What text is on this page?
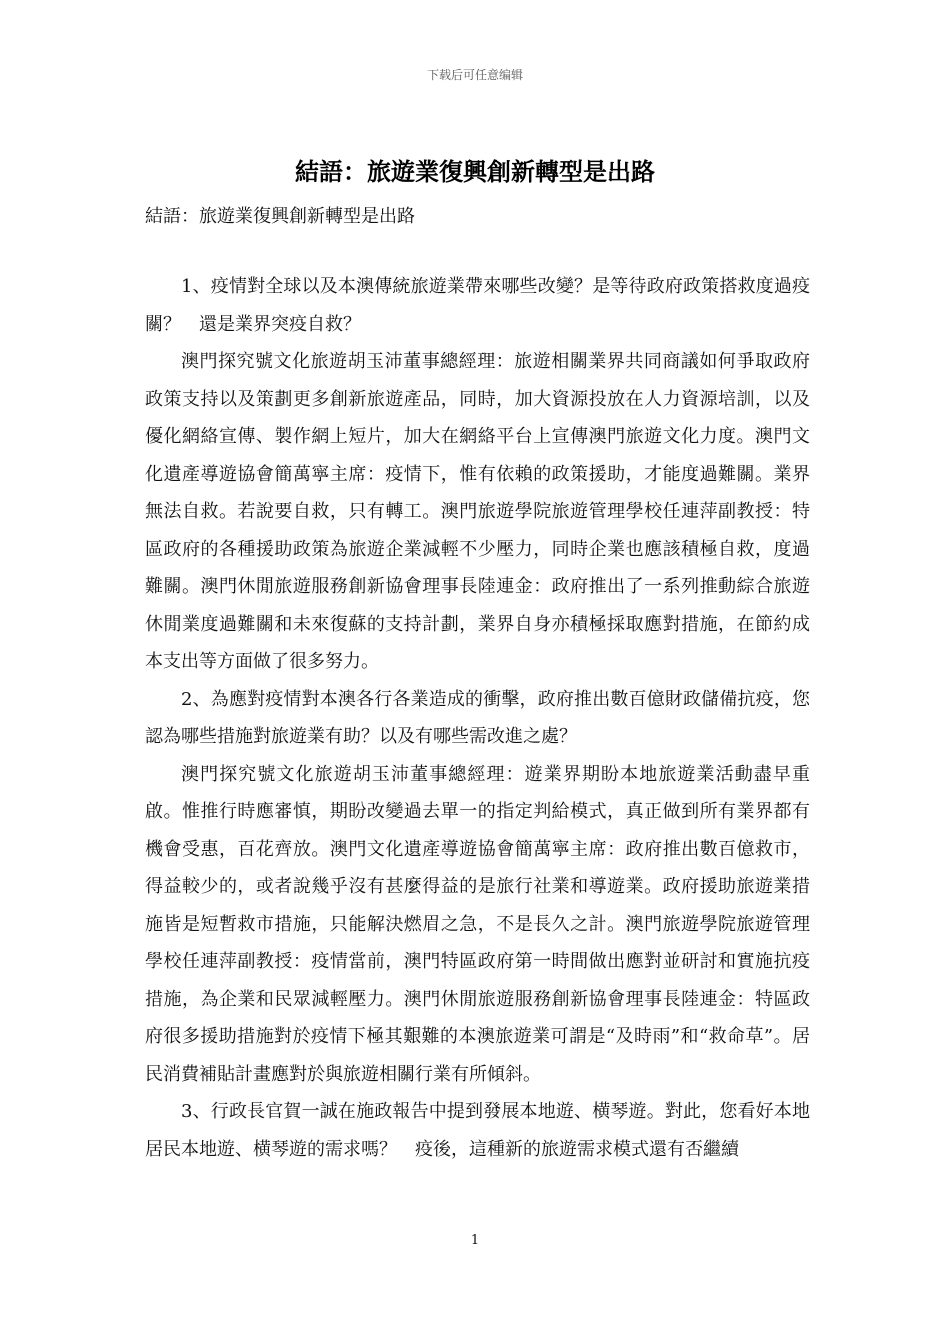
下载后可任意编辑
結語：旅遊業復興創新轉型是出路

結語：旅遊業復興創新轉型是出路

1、疫情對全球以及本澳傳統旅遊業帶來哪些改變？是等待政府政策搭救度過疫關？　還是業界突疫自救？

澳門探究號文化旅遊胡玉沛董事總經理：旅遊相關業界共同商議如何爭取政府政策支持以及策劃更多創新旅遊產品，同時，加大資源投放在人力資源培訓，以及優化網絡宣傳、製作網上短片，加大在網絡平台上宣傳澳門旅遊文化力度。澳門文化遺產導遊協會簡萬寧主席：疫情下，惟有依賴的政策援助，才能度過難關。業界無法自救。若說要自救，只有轉工。澳門旅遊學院旅遊管理學校任連萍副教授：特區政府的各種援助政策為旅遊企業減輕不少壓力，同時企業也應該積極自救，度過難關。澳門休閒旅遊服務創新協會理事長陸連金：政府推出了一系列推動綜合旅遊休閒業度過難關和未來復蘇的支持計劃，業界自身亦積極採取應對措施，在節約成本支出等方面做了很多努力。

2、為應對疫情對本澳各行各業造成的衝擊，政府推出數百億財政儲備抗疫，您認為哪些措施對旅遊業有助？以及有哪些需改進之處？

澳門探究號文化旅遊胡玉沛董事總經理：遊業界期盼本地旅遊業活動盡早重啟。惟推行時應審慎，期盼改變過去單一的指定判給模式，真正做到所有業界都有機會受惠，百花齊放。澳門文化遺產導遊協會簡萬寧主席：政府推出數百億救市，得益較少的，或者說幾乎沒有甚麼得益的是旅行社業和導遊業。政府援助旅遊業措施皆是短暫救市措施，只能解決燃眉之急，不是長久之計。澳門旅遊學院旅遊管理學校任連萍副教授：疫情當前，澳門特區政府第一時間做出應對並研討和實施抗疫措施，為企業和民眾減輕壓力。澳門休閒旅遊服務創新協會理事長陸連金：特區政府很多援助措施對於疫情下極其艱難的本澳旅遊業可謂是“及時雨”和“救命草”。居民消費補貼計畫應對於與旅遊相關行業有所傾斜。

3、行政長官賀一誠在施政報告中提到發展本地遊、横琴遊。對此，您看好本地居民本地遊、横琴遊的需求嗎？　疫後，這種新的旅遊需求模式還有否繼續

1
